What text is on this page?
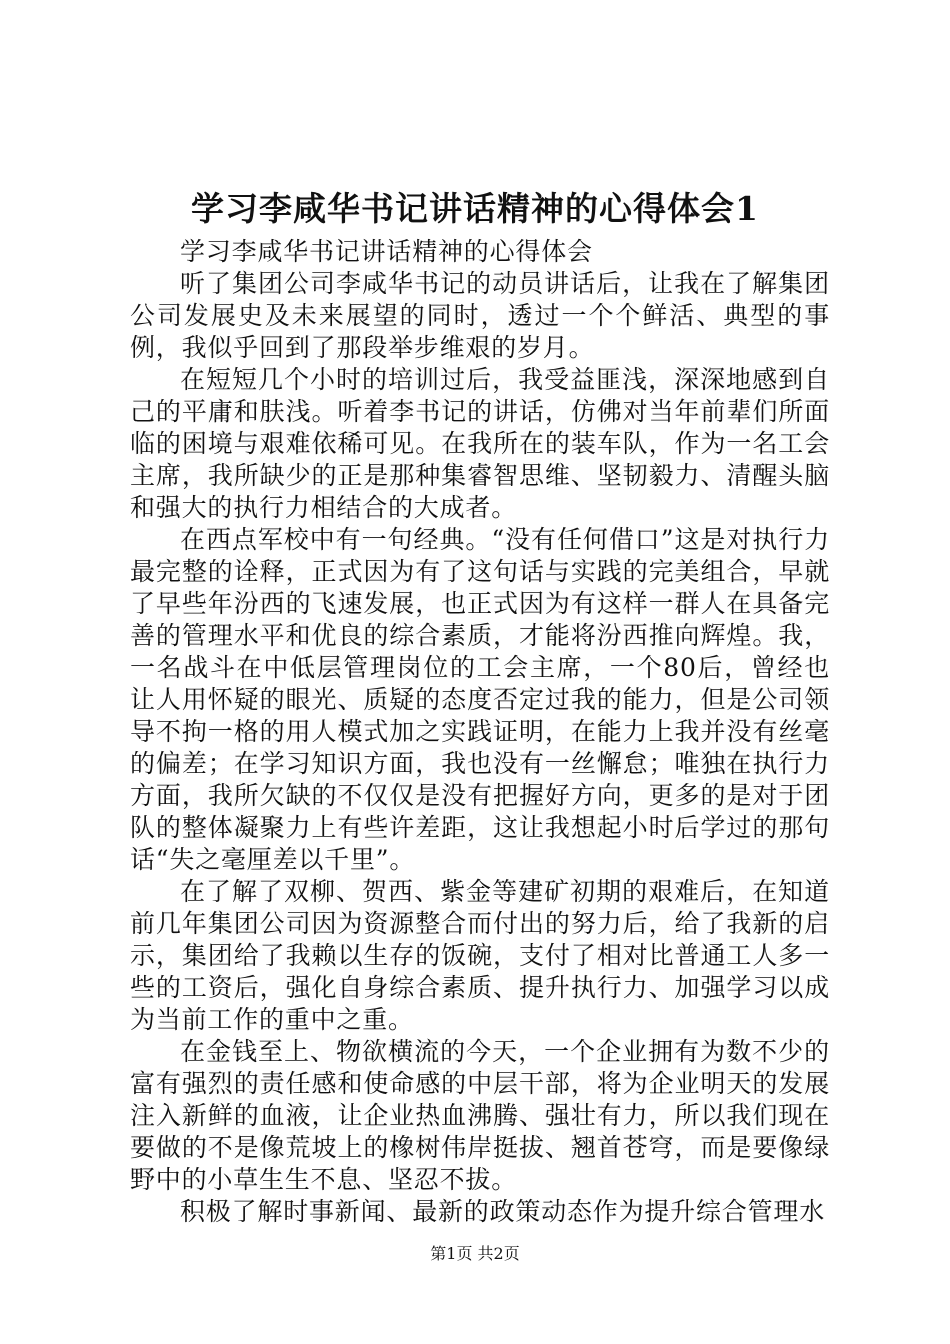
学习李咸华书记讲话精神的心得体会1

学习李咸华书记讲话精神的心得体会

听了集团公司李咸华书记的动员讲话后，让我在了解集团公司发展史及未来展望的同时，透过一个个鲜活、典型的事例，我似乎回到了那段举步维艰的岁月。

在短短几个小时的培训过后，我受益匪浅，深深地感到自己的平庸和肤浅。听着李书记的讲话，仿佛对当年前辈们所面临的困境与艰难依稀可见。在我所在的装车队，作为一名工会主席，我所缺少的正是那种集睿智思维、坚韧毅力、清醒头脑和强大的执行力相结合的大成者。

在西点军校中有一句经典。“没有任何借口”这是对执行力最完整的诠释，正式因为有了这句话与实践的完美组合，早就了早些年汾西的飞速发展，也正式因为有这样一群人在具备完善的管理水平和优良的综合素质，才能将汾西推向辉煌。我，一名战斗在中低层管理岗位的工会主席，一个80后，曾经也让人用怀疑的眼光、质疑的态度否定过我的能力，但是公司领导不拘一格的用人模式加之实践证明，在能力上我并没有丝毫的偏差；在学习知识方面，我也没有一丝懈怠；唯独在执行力方面，我所欠缺的不仅仅是没有把握好方向，更多的是对于团队的整体凝聚力上有些许差距，这让我想起小时后学过的那句话“失之毫厘差以千里”。

在了解了双柳、贺西、紫金等建矿初期的艰难后，在知道前几年集团公司因为资源整合而付出的努力后，给了我新的启示，集团给了我赖以生存的饭碗，支付了相对比普通工人多一些的工资后，强化自身综合素质、提升执行力、加强学习以成为当前工作的重中之重。

在金钱至上、物欲横流的今天，一个企业拥有为数不少的富有强烈的责任感和使命感的中层干部，将为企业明天的发展注入新鲜的血液，让企业热血沸腾、强壮有力，所以我们现在要做的不是像荒坡上的橡树伟岸挺拔、翘首苍穹，而是要像绿野中的小草生生不息、坚忍不拔。

积极了解时事新闻、最新的政策动态作为提升综合管理水

第1页 共2页
